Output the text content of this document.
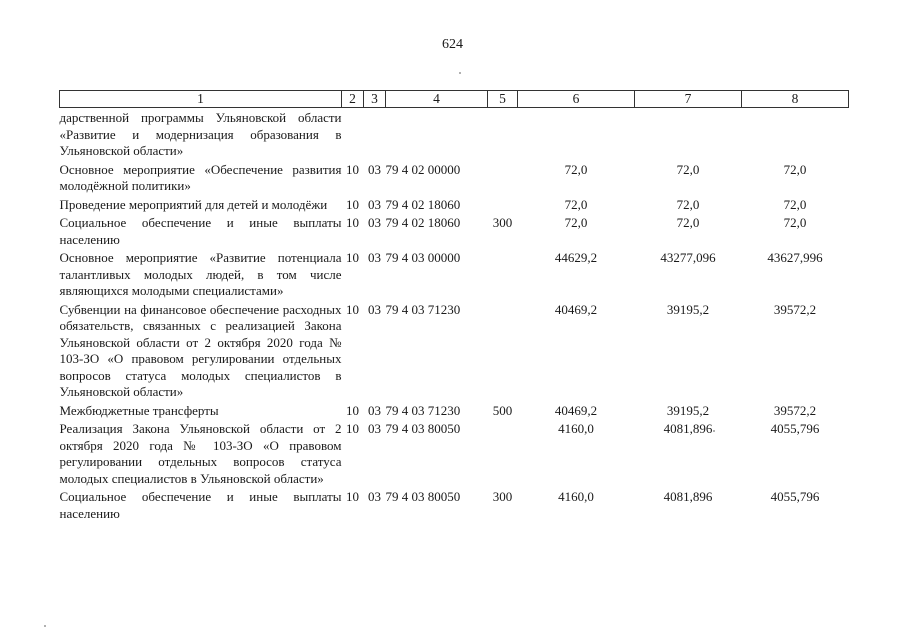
624
1	2	3	4	5	6	7	8
дарственной программы Ульяновской области «Развитие и модернизация образования в Ульяновской области»							
Основное мероприятие «Обеспечение развития молодёжной политики»	10	03	79 4 02 00000		72,0	72,0	72,0
Проведение мероприятий для детей и молодёжи	10	03	79 4 02 18060		72,0	72,0	72,0
Социальное обеспечение и иные выплаты населению	10	03	79 4 02 18060	300	72,0	72,0	72,0
Основное мероприятие «Развитие потенциала талантливых молодых людей, в том числе являющихся молодыми специалистами»	10	03	79 4 03 00000		44629,2	43277,096	43627,996
Субвенции на финансовое обеспечение расходных обязательств, связанных с реализацией Закона Ульяновской области от 2 октября 2020 года № 103-ЗО «О правовом регулировании отдельных вопросов статуса молодых специалистов в Ульяновской области»	10	03	79 4 03 71230		40469,2	39195,2	39572,2
Межбюджетные трансферты	10	03	79 4 03 71230	500	40469,2	39195,2	39572,2
Реализация Закона Ульяновской области от 2 октября 2020 года № 103-ЗО «О правовом регулировании отдельных вопросов статуса молодых специалистов в Ульяновской области»	10	03	79 4 03 80050		4160,0	4081,896	4055,796
Социальное обеспечение и иные выплаты населению	10	03	79 4 03 80050	300	4160,0	4081,896	4055,796
